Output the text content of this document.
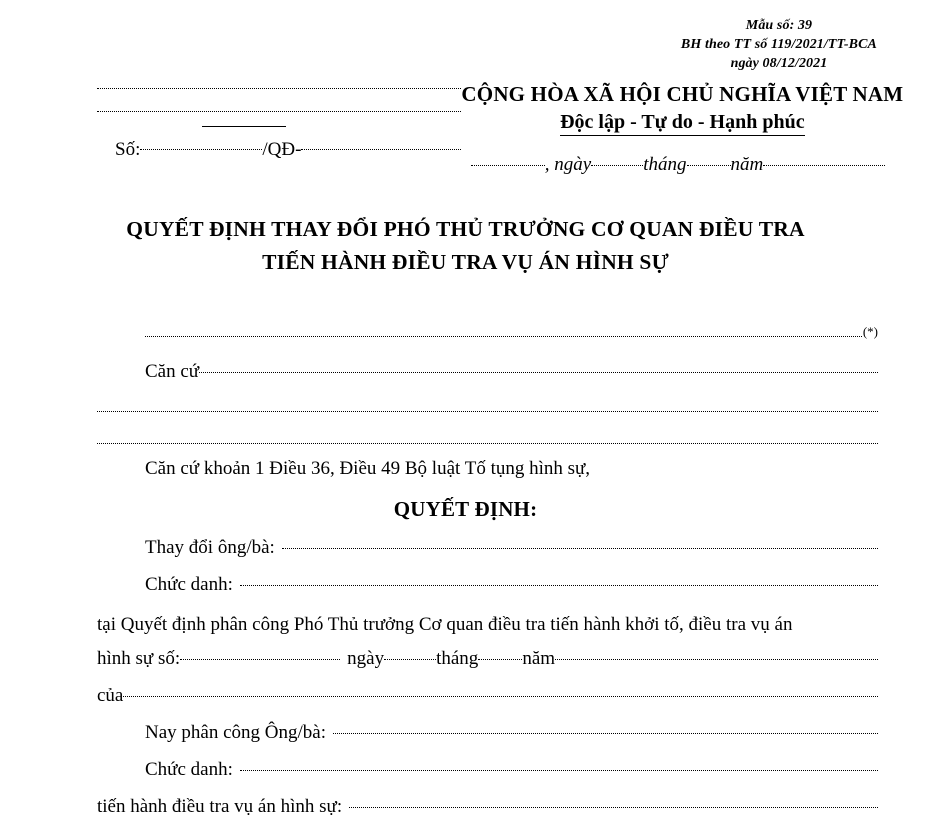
Mẫu số: 39
BH theo TT số 119/2021/TT-BCA
ngày 08/12/2021
Số:	/QĐ-
CỘNG HÒA XÃ HỘI CHỦ NGHĨA VIỆT NAM
Độc lập - Tự do - Hạnh phúc
, ngày	tháng năm
QUYẾT ĐỊNH THAY ĐỔI PHÓ THỦ TRƯỞNG CƠ QUAN ĐIỀU TRA
TIẾN HÀNH ĐIỀU TRA VỤ ÁN HÌNH SỰ
(*)
Căn cứ
Căn cứ khoản 1 Điều 36, Điều 49 Bộ luật Tố tụng hình sự,
QUYẾT ĐỊNH:
Thay đổi ông/bà:
Chức danh:
tại Quyết định phân công Phó Thủ trưởng Cơ quan điều tra tiến hành khởi tố, điều tra vụ án
hình sự số:	ngày	tháng năm
của
Nay phân công Ông/bà:
Chức danh:
tiến hành điều tra vụ án hình sự:
